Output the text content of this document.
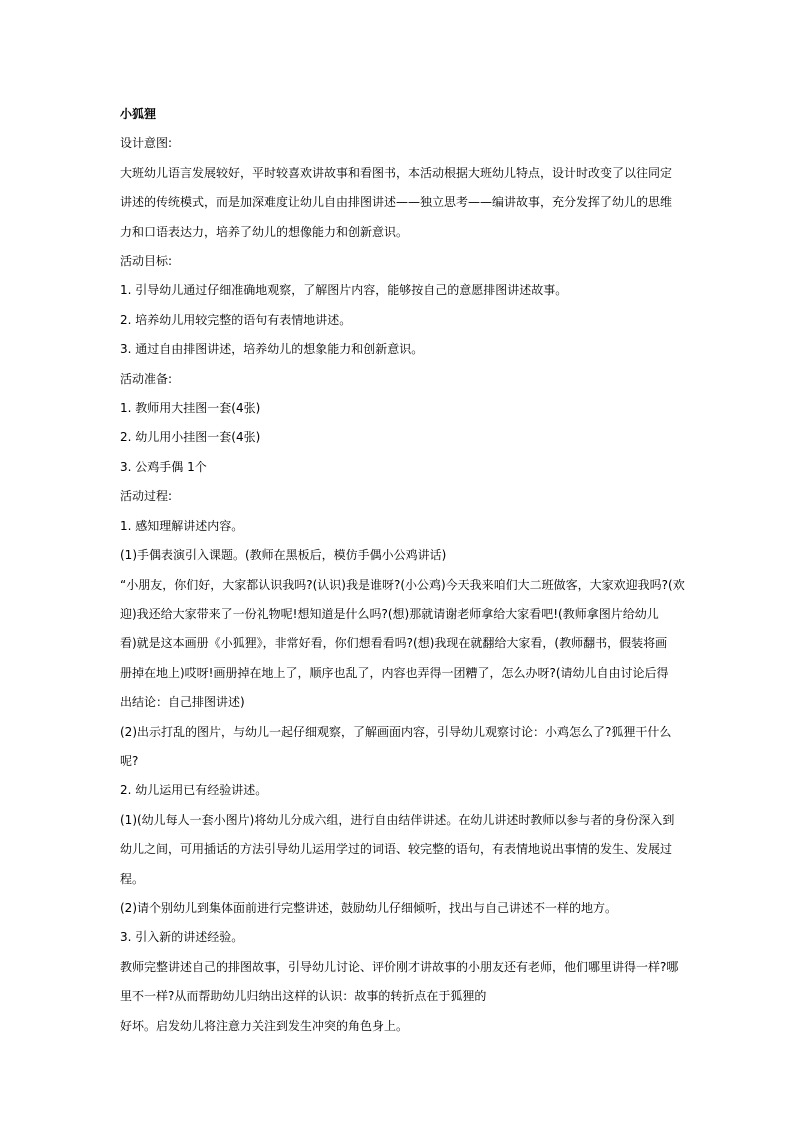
小狐狸
设计意图:
大班幼儿语言发展较好，平时较喜欢讲故事和看图书，本活动根据大班幼儿特点，设计时改变了以往同定
讲述的传统模式，而是加深难度让幼儿自由排图讲述——独立思考——编讲故事，充分发挥了幼儿的思维
力和口语表达力，培养了幼儿的想像能力和创新意识。
活动目标:
1. 引导幼儿通过仔细准确地观察，了解图片内容，能够按自己的意愿排图讲述故事。
2. 培养幼儿用较完整的语句有表情地讲述。
3. 通过自由排图讲述，培养幼儿的想象能力和创新意识。
活动准备:
1. 教师用大挂图一套(4张)
2. 幼儿用小挂图一套(4张)
3. 公鸡手偶 1个
活动过程:
1. 感知理解讲述内容。
(1)手偶表演引入课题。(教师在黑板后，模仿手偶小公鸡讲话)
“小朋友，你们好，大家都认识我吗?(认识)我是谁呀?(小公鸡)今天我来咱们大二班做客，大家欢迎我吗?(欢
迎)我还给大家带来了一份礼物呢!想知道是什么吗?(想)那就请谢老师拿给大家看吧!(教师拿图片给幼儿
看)就是这本画册《小狐狸》，非常好看，你们想看看吗?(想)我现在就翻给大家看，(教师翻书，假装将画
册掉在地上)哎呀!画册掉在地上了，顺序也乱了，内容也弄得一团糟了，怎么办呀?(请幼儿自由讨论后得
出结论：自己排图讲述)
(2)出示打乱的图片，与幼儿一起仔细观察，了解画面内容，引导幼儿观察讨论：小鸡怎么了?狐狸干什么
呢?
2. 幼儿运用已有经验讲述。
(1)(幼儿每人一套小图片)将幼儿分成六组，进行自由结伴讲述。在幼儿讲述时教师以参与者的身份深入到
幼儿之间，可用插话的方法引导幼儿运用学过的词语、较完整的语句，有表情地说出事情的发生、发展过
程。
(2)请个别幼儿到集体面前进行完整讲述，鼓励幼儿仔细倾听，找出与自己讲述不一样的地方。
3. 引入新的讲述经验。
教师完整讲述自己的排图故事，引导幼儿讨论、评价刚才讲故事的小朋友还有老师，他们哪里讲得一样?哪
里不一样?从而帮助幼儿归纳出这样的认识：故事的转折点在于狐狸的
好坏。启发幼儿将注意力关注到发生冲突的角色身上。
